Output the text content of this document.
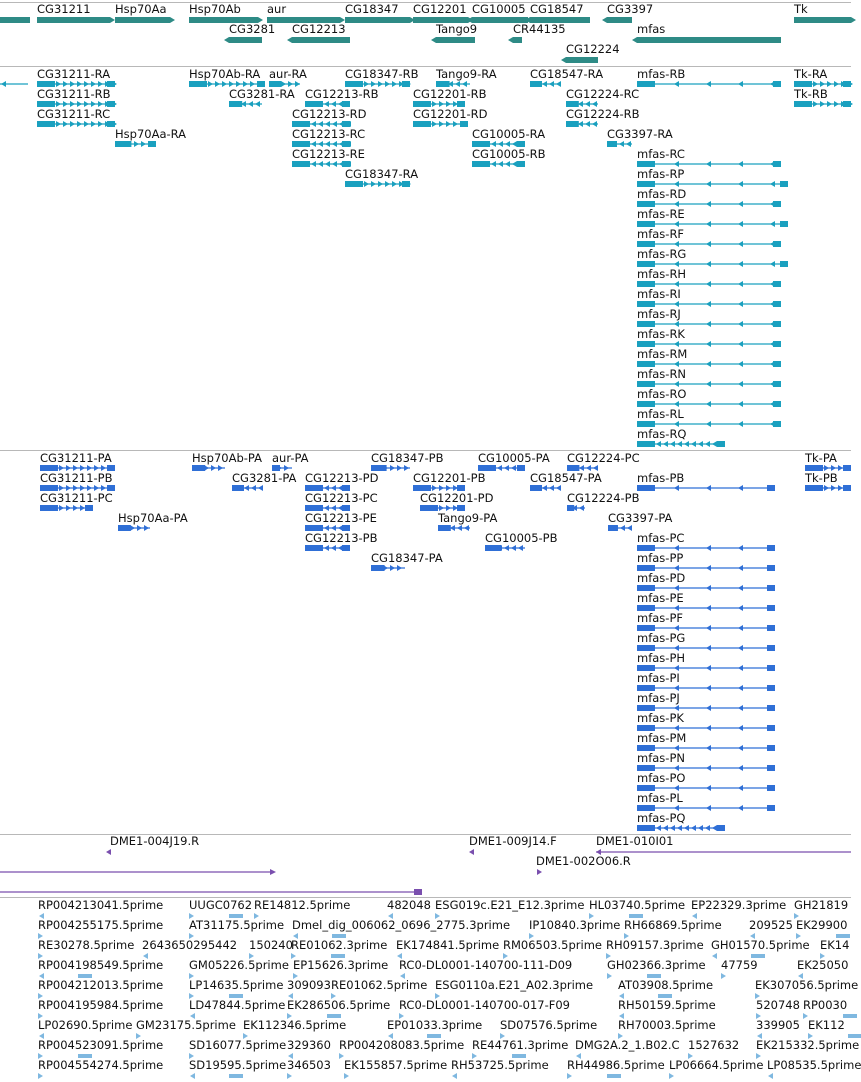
CG31211 Hsp70Aa Hsp70Ab aur	CG18347 CG12201 CG10005 CG18547 CG3397	Tk
CG3281 CG12213	Tango9	CR44135	mfas
CG12224
CG31211-RA	Hsp70Ab-RA aur-RA	CG18347-RB Tango9-RA	CG18547-RA	mfas-RB	Tk-RA
CG31211-RB	CG3281-RA CG12213-RB	CG12201-RB	CG12224-RC	Tk-RB
CG31211-RC	CG12213-RD	CG12201-RD	CG12224-RB
Hsp70Aa-RA	CG12213-RC	CG10005-RA	CG3397-RA
CG12213-RE	CG10005-RB	mfas-RC
CG18347-RA	mfas-RP
mfas-RD
mfas-RE
mfas-RF
mfas-RG
mfas-RH
mfas-RI
mfas-RJ
mfas-RK
mfas-RM
mfas-RN
mfas-RO
mfas-RL
mfas-RQ
CG31211-PA	Hsp70Ab-PA aur-PA	CG18347-PB	CG10005-PA CG12224-PC	Tk-PA
CG31211-PB	CG3281-PA CG12213-PD	CG12201-PB	CG18547-PA	mfas-PB	Tk-PB
CG31211-PC	CG12213-PC	CG12201-PD	CG12224-PB
Hsp70Aa-PA	CG12213-PE	Tango9-PA	CG3397-PA
CG12213-PB	CG10005-PB	mfas-PC
CG18347-PA	mfas-PP
mfas-PD
mfas-PE
mfas-PF
mfas-PG
mfas-PH
mfas-PI
mfas-PJ
mfas-PK
mfas-PM
mfas-PN
mfas-PO
mfas-PL
mfas-PQ
DME1-004J19.R	DME1-009J14.F	DME1-010I01
DME1-002O06.R
RP004213041.5prime UUGC0762 RE14812.5prime	482048 ESG019c.E21_E12.3prime HL03740.5prime EP22329.3prime GH21819
RP004255175.5prime AT31175.5prime Dmel_dig_006062_0696_2775.3prime IP10840.3prime RH66869.5prime 209525 EK29900
RE30278.5prime 2643650295442 150240
RE01062.3prime EK174841.5prime RM06503.5prime RH09157.3prime GH01570.5prime EK14
RP004198549.5prime GM05226.5prime EP15626.3prime RC0-DL0001-140700-111-D09	GH02366.3prime 47759	EK25050
RP004212013.5prime LP14635.5prime 309093 RE01062.5prime ESG0110a.E21_A02.3prime AT03908.5prime	EK307056.5prime
RP004195984.5prime LD47844.5prime EK286506.5prime RC0-DL0001-140700-017-F09	RH50159.5prime	520748 RP0030
LP02690.5prime GM23175.5prime EK112346.5prime	EP01033.3prime SD07576.5prime RH70003.5prime	339905 EK112
RP004523091.5prime SD16077.5prime 329360 RP004208083.5prime RE44761.3prime DMG2A.2_1.B02.C 1527632 EK215332.5prime
RP004554274.5prime SD19595.5prime 346503 EK155857.5prime RH53725.5prime RH44986.5prime LP06664.5prime LP08535.5prime
